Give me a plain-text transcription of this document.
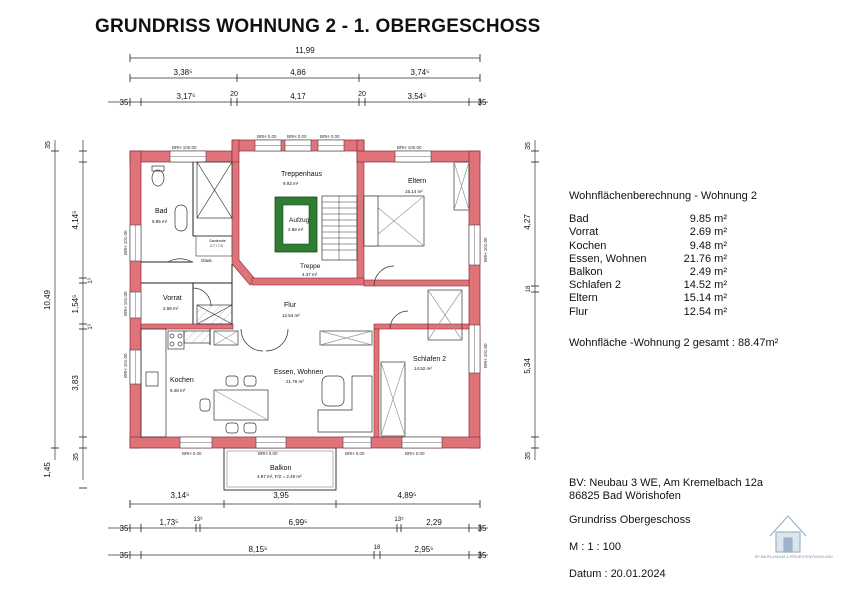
GRUNDRISS WOHNUNG 2 - 1. OBERGESCHOSS
11,99
3,38⁵	4,86	3,74⁵
35
3,17⁵	20	4,17	20	3,54⁵
35
10,49
35
4,14⁵
1³
1,54⁵
1³
3,83
35
1,45
35
4,27
18
5,34
35
3,14⁵	3,95	4,89⁵
35
1,73⁵ 13⁵	6,99⁵	13⁵	2,29
35
35
8,15⁵	18	2,95⁵
35
BRH 100.00
BRH 0.00 BRH 0.00	BRH 0.00
BRH 100.00
BRH 0.00	BRH 0.00	BRH 0.00	BRH 0.00
BRH 101.00
BRH 101.00
BRH 101.00
BRH 101.00
BRH 101.00
Bad
9.85 m²
Treppenhaus
9.93 m²
Aufzug
2.68 m²
Treppe
4.37 m²
Eltern
15.14 m²
Vorrat
2.69 m²	Flur
12.54 m²
Kochen
9.48 m²
Essen, Wohnen
21.76 m²
Schlafen 2
14.52 m²
Balkon
4.97 m², F/2 = 2.49 m²
Garderobe
2.7 / 7.0
Glast.
Wohnflächenberechnung - Wohnung 2
Bad	9.85 m²
Vorrat	2.69 m²
Kochen	9.48 m²
Essen, Wohnen	21.76 m²
Balkon	2.49 m²
Schlafen 2	14.52 m²
Eltern	15.14 m²
Flur	12.54 m²
Wohnfläche -Wohnung 2 gesamt : 88.47m²
BV: Neubau 3 WE, Am Kremelbach 12a
86825 Bad Wörishofen
Grundriss Obergeschoss
M : 1 : 100
Datum : 20.01.2024
BF BAUPLANUNG & PROJEKTENTWICKLUNG
